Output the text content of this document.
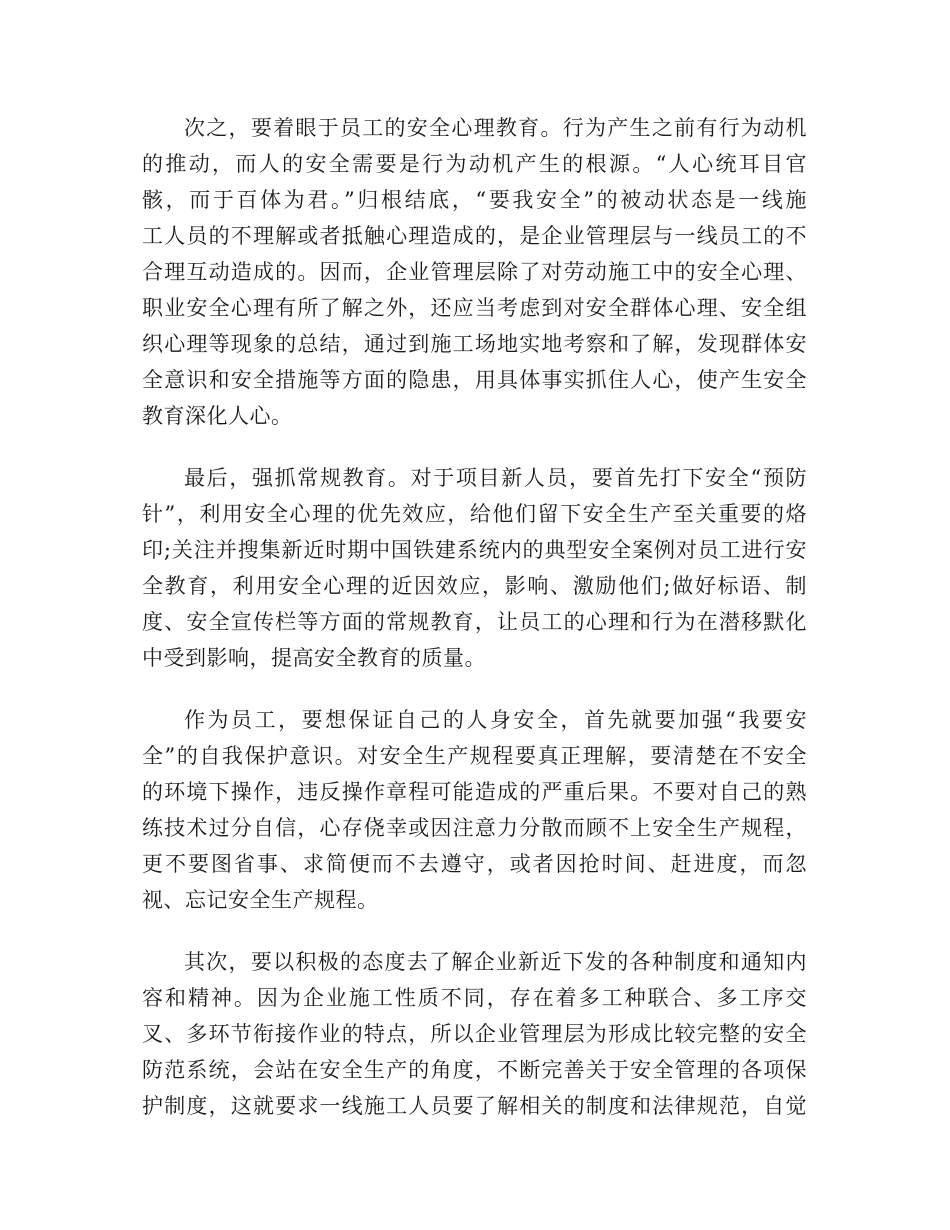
次之，要着眼于员工的安全心理教育。行为产生之前有行为动机
的推动，而人的安全需要是行为动机产生的根源。“人心统耳目官
骸，而于百体为君。”归根结底，“要我安全”的被动状态是一线施
工人员的不理解或者抵触心理造成的，是企业管理层与一线员工的不
合理互动造成的。因而，企业管理层除了对劳动施工中的安全心理、
职业安全心理有所了解之外，还应当考虑到对安全群体心理、安全组
织心理等现象的总结，通过到施工场地实地考察和了解，发现群体安
全意识和安全措施等方面的隐患，用具体事实抓住人心，使产生安全
教育深化人心。
最后，强抓常规教育。对于项目新人员，要首先打下安全“预防
针”，利用安全心理的优先效应，给他们留下安全生产至关重要的烙
印;关注并搜集新近时期中国铁建系统内的典型安全案例对员工进行安
全教育，利用安全心理的近因效应，影响、激励他们;做好标语、制
度、安全宣传栏等方面的常规教育，让员工的心理和行为在潜移默化
中受到影响，提高安全教育的质量。
作为员工，要想保证自己的人身安全，首先就要加强“我要安
全”的自我保护意识。对安全生产规程要真正理解，要清楚在不安全
的环境下操作，违反操作章程可能造成的严重后果。不要对自己的熟
练技术过分自信，心存侥幸或因注意力分散而顾不上安全生产规程，
更不要图省事、求简便而不去遵守，或者因抢时间、赶进度，而忽
视、忘记安全生产规程。
其次，要以积极的态度去了解企业新近下发的各种制度和通知内
容和精神。因为企业施工性质不同，存在着多工种联合、多工序交
叉、多环节衔接作业的特点，所以企业管理层为形成比较完整的安全
防范系统，会站在安全生产的角度，不断完善关于安全管理的各项保
护制度，这就要求一线施工人员要了解相关的制度和法律规范，自觉
